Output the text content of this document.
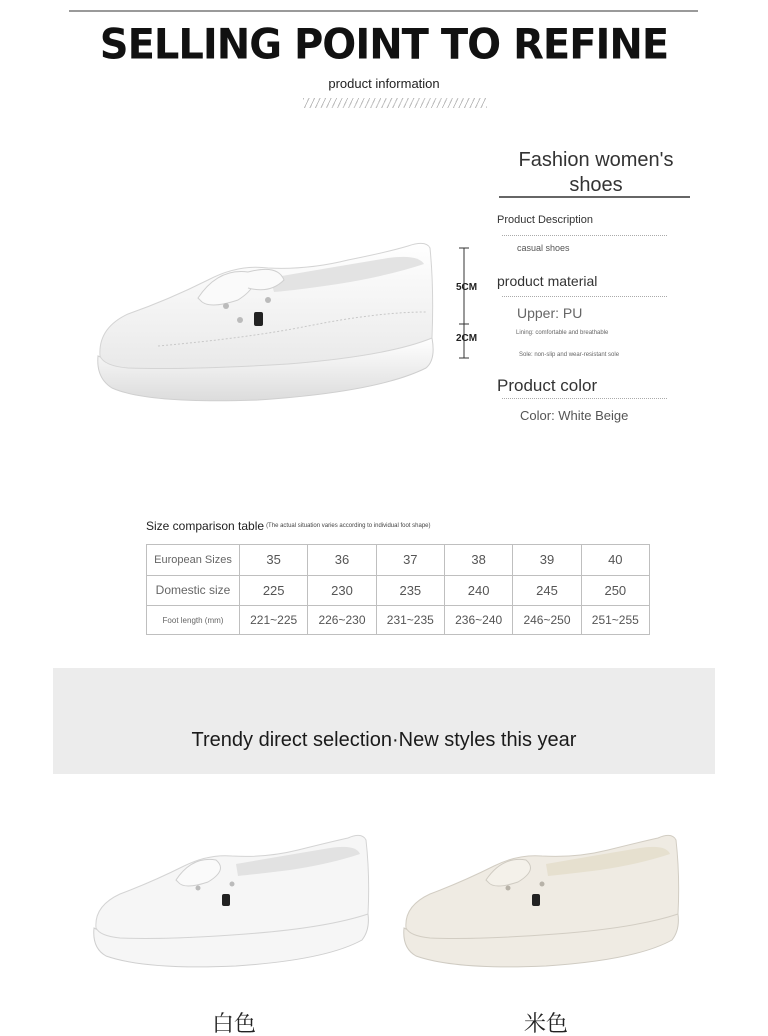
SELLING POINT TO REFINE
product information
5CM
2CM
Fashion women's shoes
Product Description
casual shoes
product material
Upper: PU
Lining: comfortable and breathable
Sole: non-slip and wear-resistant sole
Product color
Color: White Beige
Size comparison table $^{(The actual situation varies according to individual foot shape)}$
European Sizes	35	36	37	38	39	40
Domestic size	225	230	235	240	245	250
Foot length (mm)	221~225	226~230	231~235	236~240	246~250	251~255
Trendy direct selection·New styles this year
白色	米色
